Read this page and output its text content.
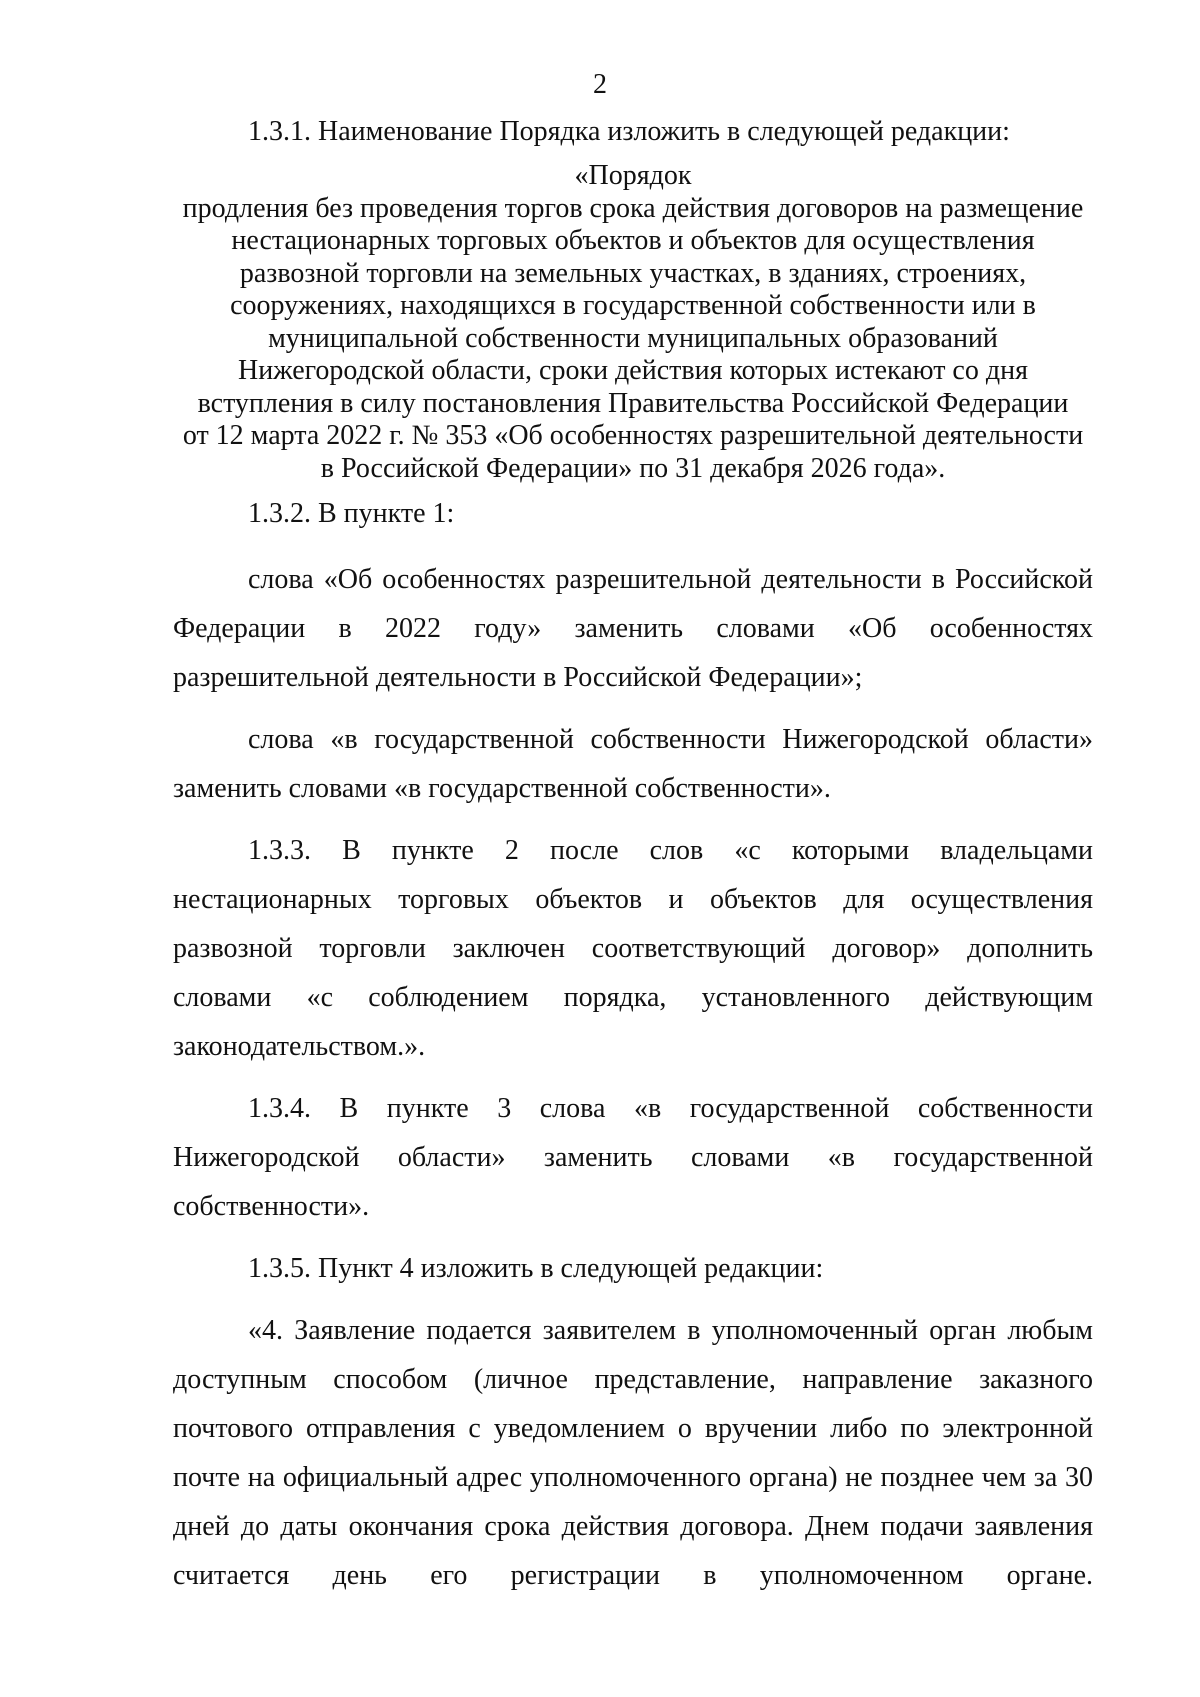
2

1.3.1. Наименование Порядка изложить в следующей редакции:

«Порядок
продления без проведения торгов срока действия договоров на размещение
нестационарных торговых объектов и объектов для осуществления
развозной торговли на земельных участках, в зданиях, строениях,
сооружениях, находящихся в государственной собственности или в
муниципальной собственности муниципальных образований
Нижегородской области, сроки действия которых истекают со дня
вступления в силу постановления Правительства Российской Федерации
от 12 марта 2022 г. № 353 «Об особенностях разрешительной деятельности
в Российской Федерации» по 31 декабря 2026 года».

1.3.2. В пункте 1:

слова «Об особенностях разрешительной деятельности в Российской Федерации в 2022 году» заменить словами «Об особенностях разрешительной деятельности в Российской Федерации»;

слова «в государственной собственности Нижегородской области» заменить словами «в государственной собственности».

1.3.3. В пункте 2 после слов «с которыми владельцами нестационарных торговых объектов и объектов для осуществления развозной торговли заключен соответствующий договор» дополнить словами «с соблюдением порядка, установленного действующим законодательством.».

1.3.4. В пункте 3 слова «в государственной собственности Нижегородской области» заменить словами «в государственной собственности».

1.3.5. Пункт 4 изложить в следующей редакции:

«4. Заявление подается заявителем в уполномоченный орган любым доступным способом (личное представление, направление заказного почтового отправления с уведомлением о вручении либо по электронной почте на официальный адрес уполномоченного органа) не позднее чем за 30 дней до даты окончания срока действия договора. Днем подачи заявления считается день его регистрации в уполномоченном органе.
